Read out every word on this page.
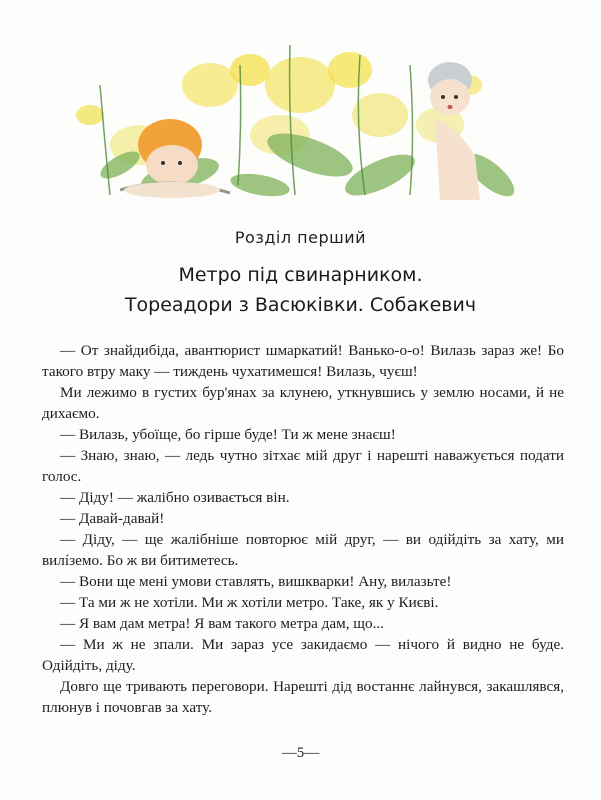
Розділ перший
Метро під свинарником.
Тореадори з Васюківки. Собакевич

— От знайдибіда, авантюрист шмаркатий! Ванько-о-о! Вилазь зараз же! Бо такого втру маку — тиждень чухатимешся! Вилазь, чуєш!

Ми лежимо в густих бур'янах за клунею, уткнувшись у землю носами, й не дихаємо.

— Вилазь, убоїще, бо гірше буде! Ти ж мене знаєш!

— Знаю, знаю, — ледь чутно зітхає мій друг і нарешті наважується подати голос.

— Діду! — жалібно озивається він.

— Давай-давай!

— Діду, — ще жалібніше повторює мій друг, — ви одійдіть за хату, ми вилíземо. Бо ж ви битиметесь.

— Вони ще мені умови ставлять, вишкварки! Ану, вилазьте!

— Та ми ж не хотіли. Ми ж хотіли метро. Таке, як у Києві.

— Я вам дам метра! Я вам такого метра дам, що...

— Ми ж не зпали. Ми зараз усе закидаємо — нічого й видно не буде. Одійдіть, діду.

Довго ще тривають переговори. Нарешті дід востаннє лайнувся, закашлявся, плюнув і почовгав за хату.

—5—
